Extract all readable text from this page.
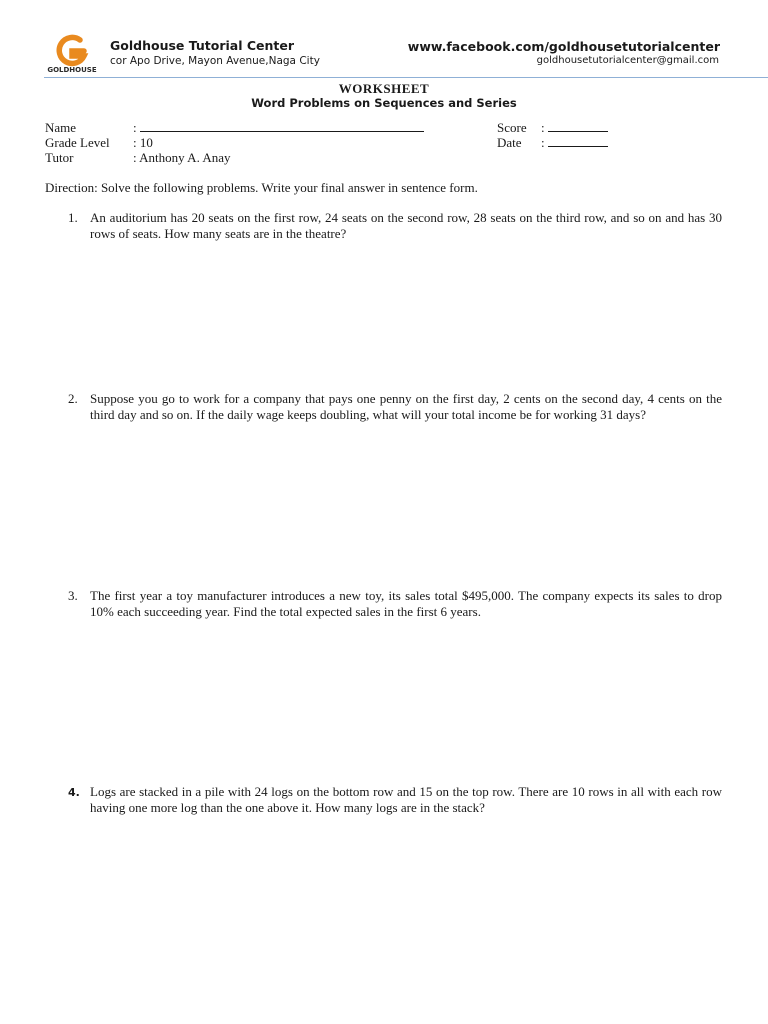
GOLDHOUSE
Goldhouse Tutorial Center
cor Apo Drive, Mayon Avenue,Naga City
www.facebook.com/goldhousetutorialcenter
goldhousetutorialcenter@gmail.com
WORKSHEET
Word Problems on Sequences and Series
Name	:
Grade Level : 10
Tutor	: Anthony A. Anay
Score :
Date :
Direction: Solve the following problems. Write your final answer in sentence form.
1. An auditorium has 20 seats on the first row, 24 seats on the second row, 28 seats on the third row, and so on and has 30 rows of seats. How many seats are in the theatre?
2. Suppose you go to work for a company that pays one penny on the first day, 2 cents on the second day, 4 cents on the third day and so on. If the daily wage keeps doubling, what will your total income be for working 31 days?
3. The first year a toy manufacturer introduces a new toy, its sales total $495,000. The company expects its sales to drop 10% each succeeding year. Find the total expected sales in the first 6 years.
4. Logs are stacked in a pile with 24 logs on the bottom row and 15 on the top row. There are 10 rows in all with each row having one more log than the one above it. How many logs are in the stack?
